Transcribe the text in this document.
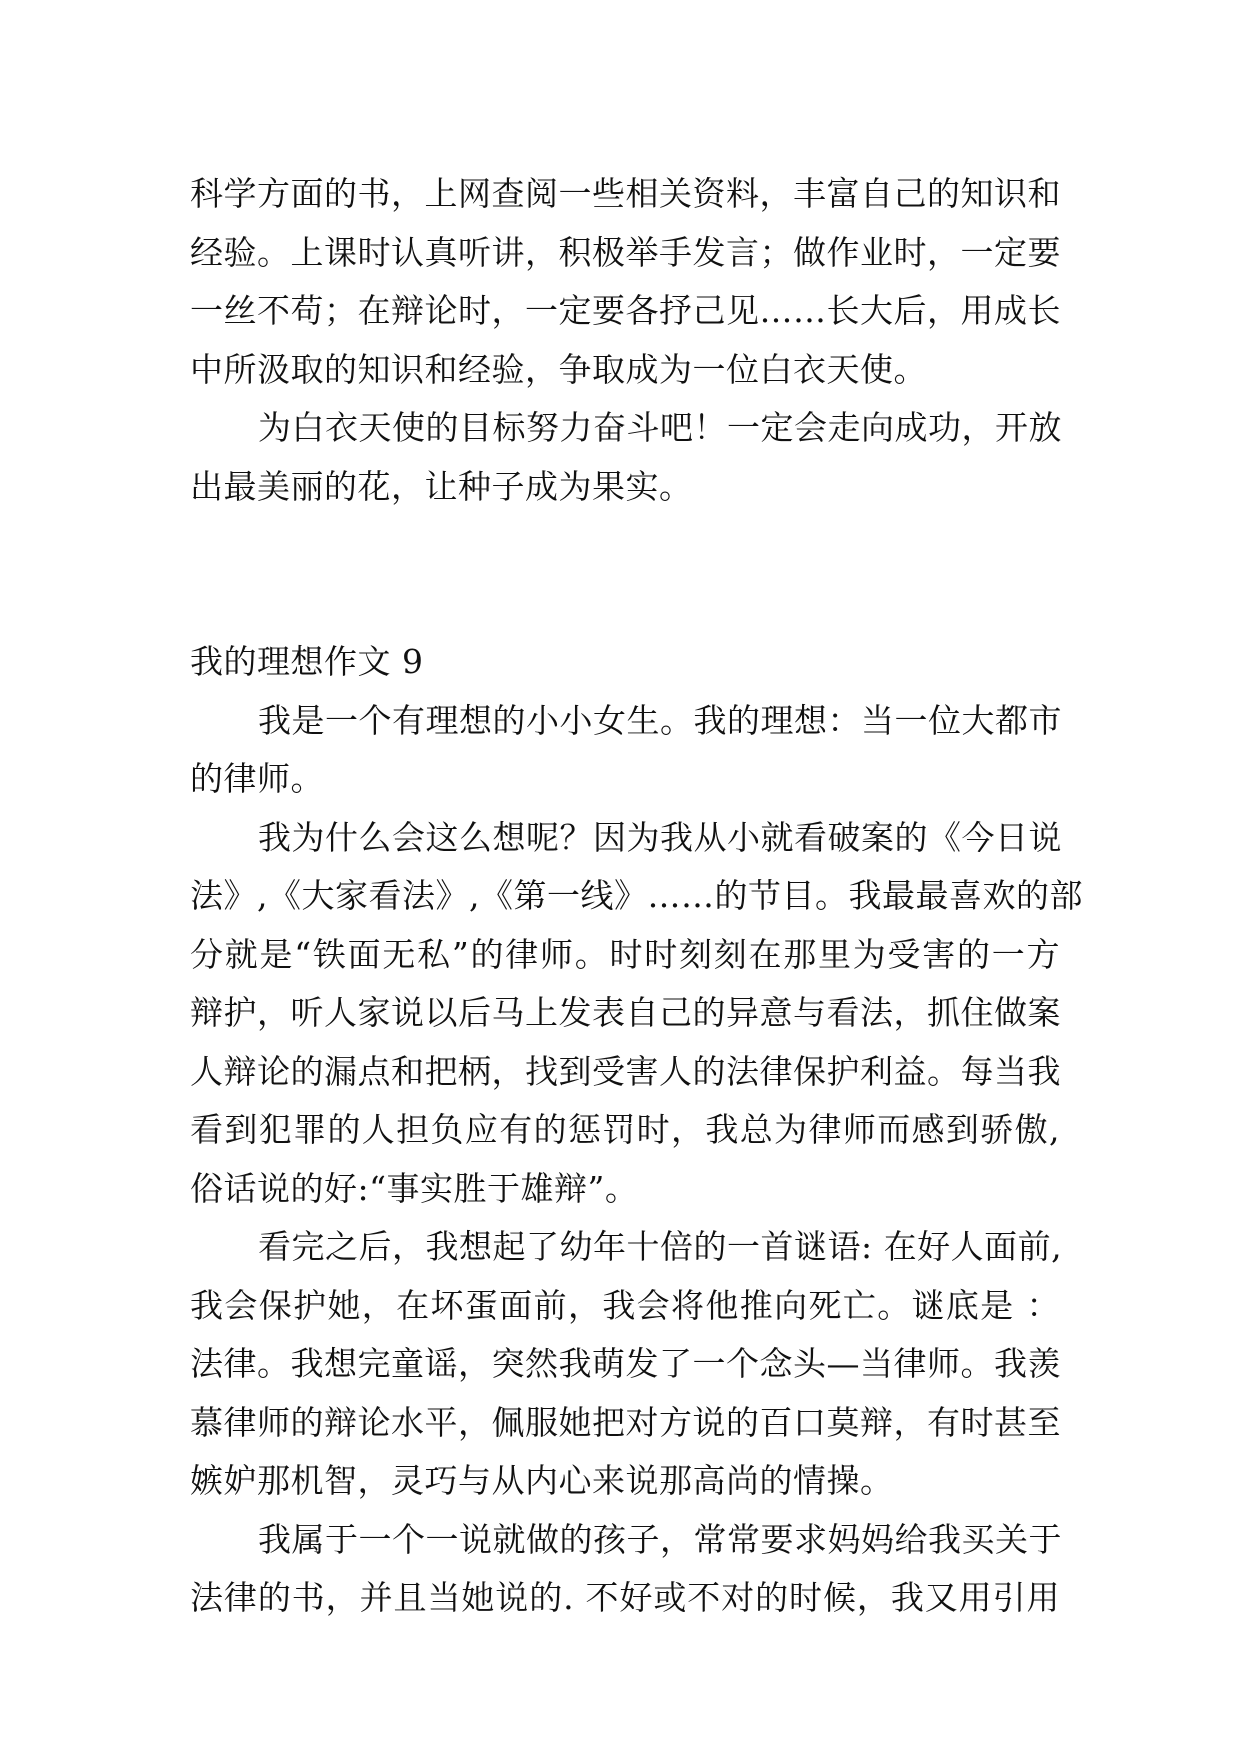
科学方面的书，上网查阅一些相关资料，丰富自己的知识和
经验。上课时认真听讲，积极举手发言；做作业时，一定要
一丝不苟；在辩论时，一定要各抒己见……长大后，用成长
中所汲取的知识和经验，争取成为一位白衣天使。
为白衣天使的目标努力奋斗吧！一定会走向成功，开放
出最美丽的花，让种子成为果实。
我的理想作文 9
我是一个有理想的小小女生。我的理想：当一位大都市
的律师。
我为什么会这么想呢？因为我从小就看破案的《今日说
法》,《大家看法》,《第一线》……的节目。我最最喜欢的部
分就是“铁面无私”的律师。时时刻刻在那里为受害的一方
辩护，听人家说以后马上发表自己的异意与看法，抓住做案
人辩论的漏点和把柄，找到受害人的法律保护利益。每当我
看到犯罪的人担负应有的惩罚时，我总为律师而感到骄傲,
俗话说的好:“事实胜于雄辩”。
看完之后，我想起了幼年十倍的一首谜语: 在好人面前,
我会保护她，在坏蛋面前，我会将他推向死亡。谜底是 ：
法律。我想完童谣，突然我萌发了一个念头—当律师。我羡
慕律师的辩论水平，佩服她把对方说的百口莫辩，有时甚至
嫉妒那机智，灵巧与从内心来说那高尚的情操。
我属于一个一说就做的孩子，常常要求妈妈给我买关于
法律的书，并且当她说的. 不好或不对的时候，我又用引用
